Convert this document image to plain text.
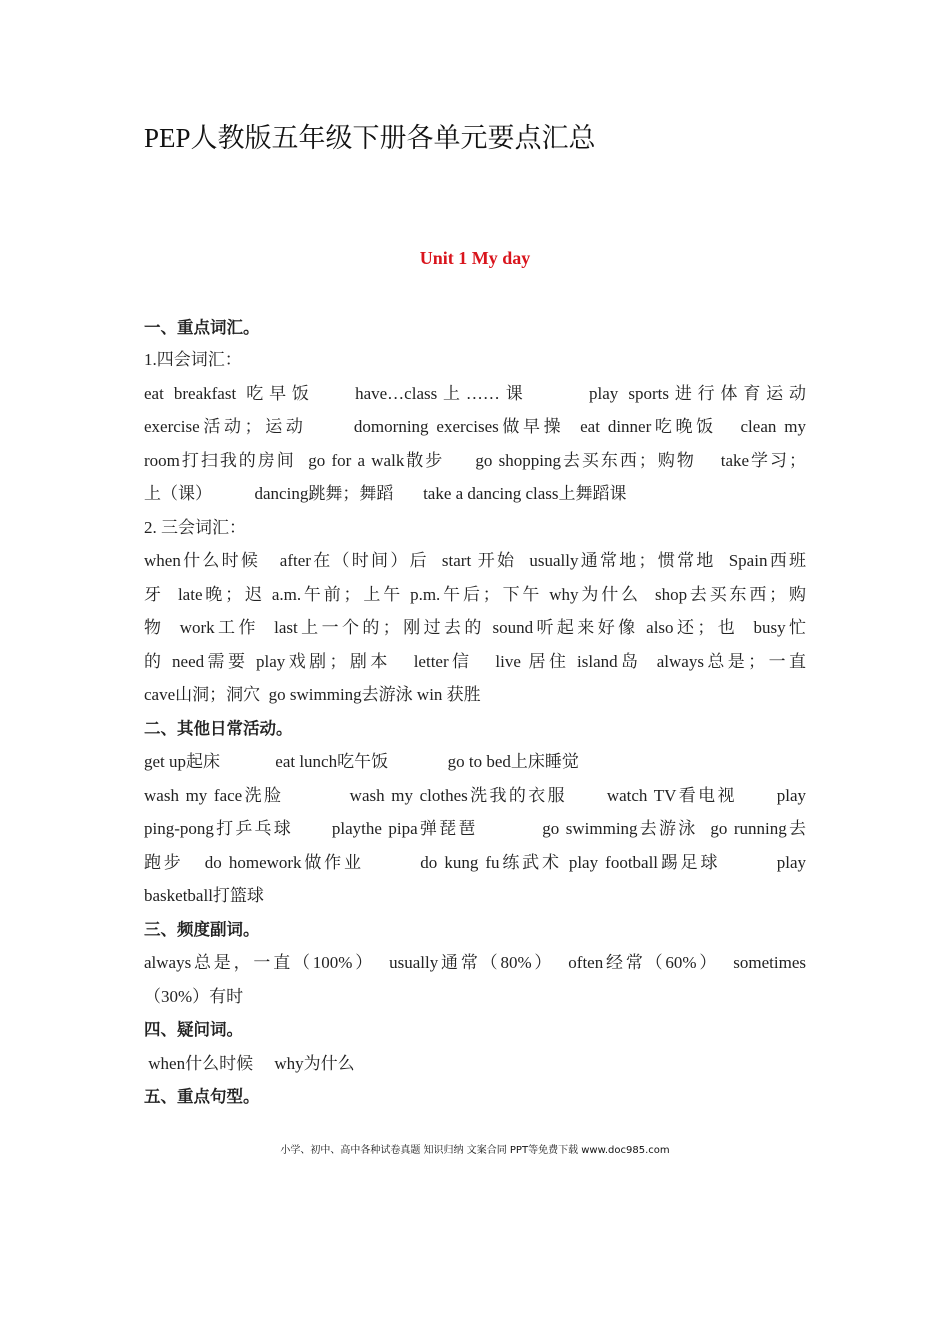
PEP人教版五年级下册各单元要点汇总
Unit 1 My day
一、重点词汇。
1.四会词汇：
eat breakfast 吃早饭    have…class上……课      play sports进行体育运动
exercise活动；运动      domorning exercises做早操  eat dinner吃晚饭   clean my
room打扫我的房间  go for a walk散步     go shopping去买东西；购物    take学习；
上（课）          dancing跳舞；舞蹈       take a dancing class上舞蹈课
2. 三会词汇：
when什么时候   after在（时间）后  start 开始  usually通常地；惯常地  Spain西班
牙  late晚；迟 a.m.午前；上午 p.m.午后；下午 why为什么  shop去买东西；购
物  work工作  last上一个的；刚过去的 sound听起来好像 also还；也  busy忙
的 need需要 play戏剧；剧本   letter信   live 居住 island岛  always总是；一直
cave山洞；洞穴  go swimming去游泳 win 获胜
二、其他日常活动。
get up起床             eat lunch吃午饭              go to bed上床睡觉
wash my face洗脸          wash my clothes洗我的衣服      watch TV看电视      play
ping-pong打乒乓球      playthe pipa弹琵琶          go swimming去游泳  go running去
跑步   do homework做作业        do kung fu练武术 play football踢足球        play
basketball打篮球
三、频度副词。
always总是，一直（100%）  usually通常（80%）  often经常（60%）  sometimes
（30%）有时
四、疑问词。
when什么时候     why为什么
五、重点句型。
小学、初中、高中各种试卷真题 知识归纳 文案合同 PPT等免费下载 www.doc985.com
